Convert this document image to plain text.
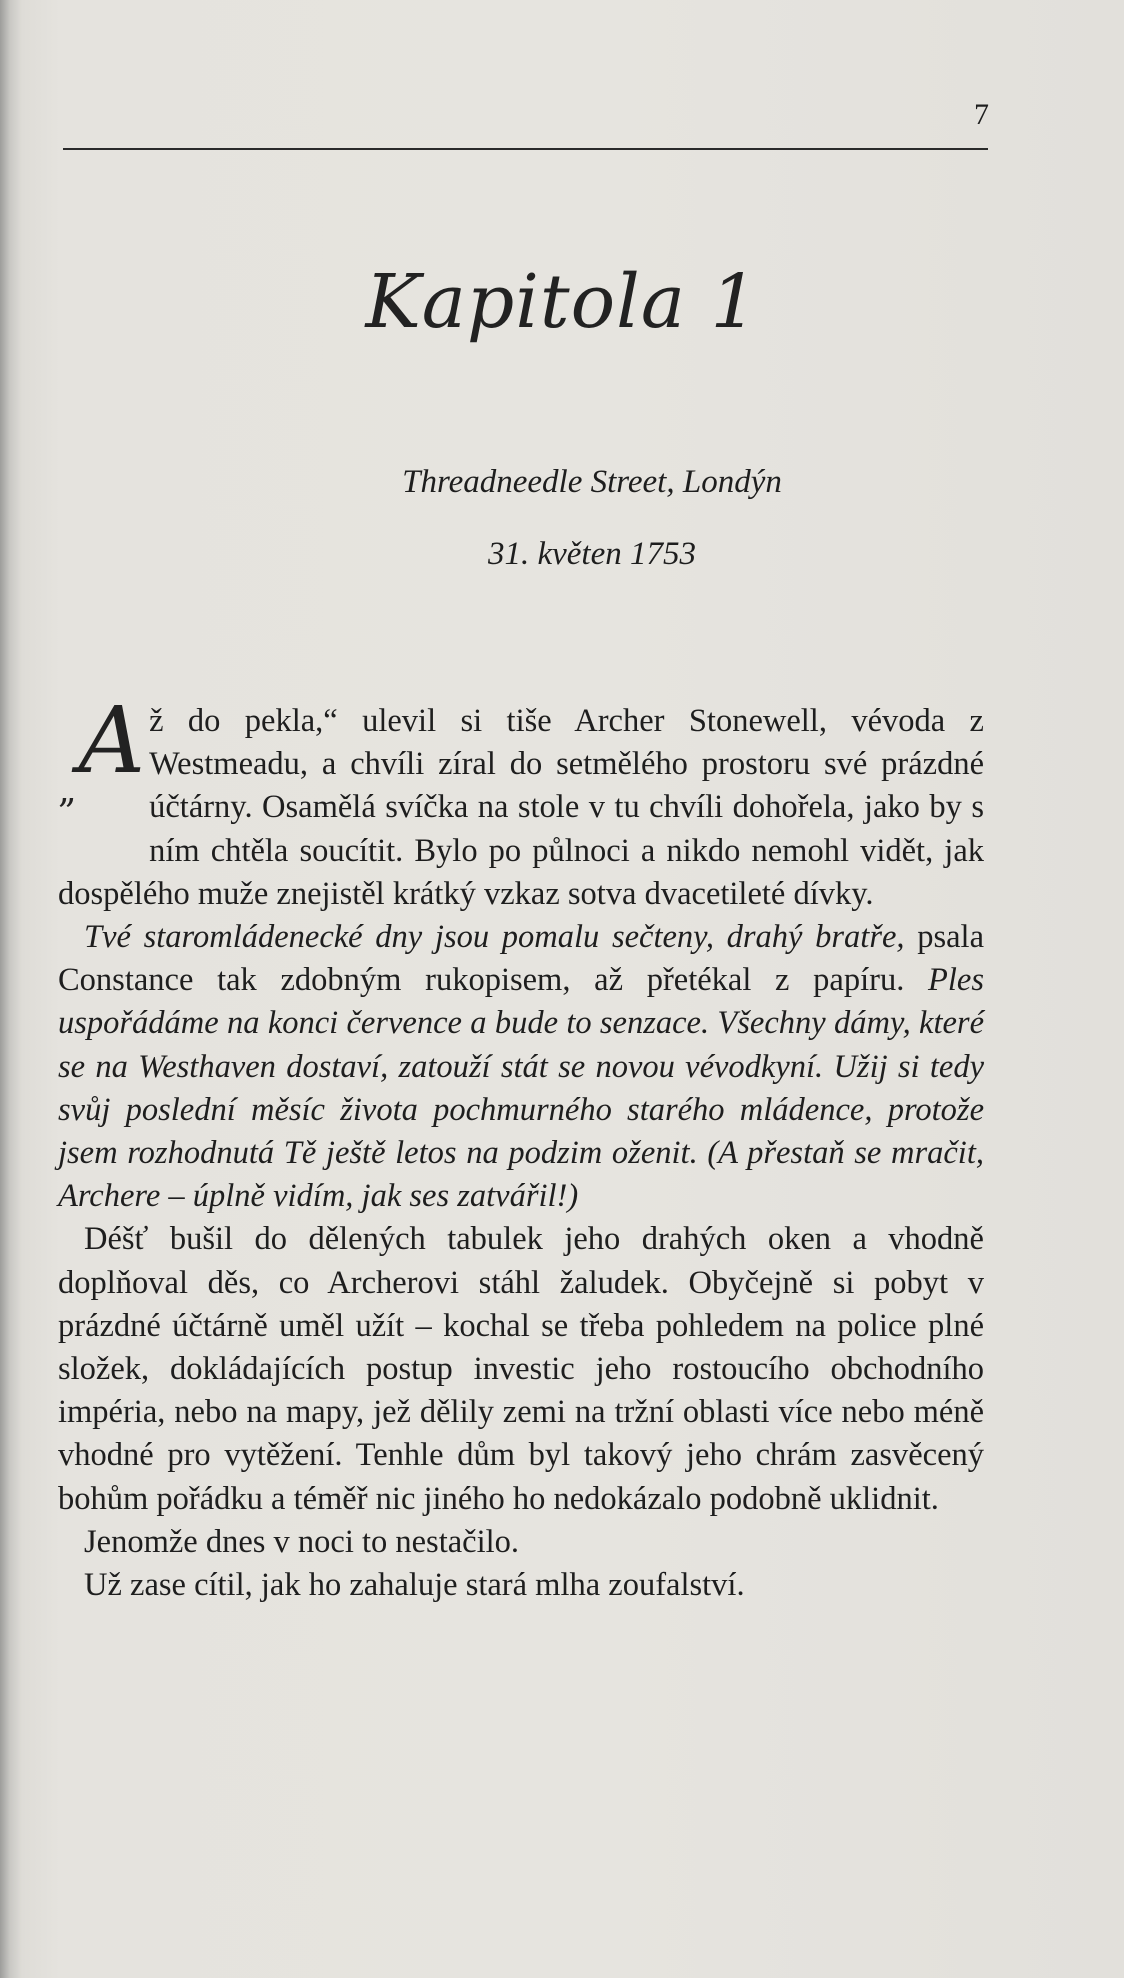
7
Kapitola 1
Threadneedle Street, Londýn
31. květen 1753

$_„$A ž do pekla,“ ulevil si tiše Archer Stonewell, vévoda z Westmeadu, a chvíli zíral do setmělého prostoru své prázdné účtárny. Osamělá svíčka na stole v tu chvíli dohořela, jako by s ním chtěla soucítit. Bylo po půlnoci a nikdo nemohl vidět, jak dospělého muže znejistěl krátký vzkaz sotva dvacetileté dívky.

Tvé staromládenecké dny jsou pomalu sečteny, drahý bratře, psala Constance tak zdobným rukopisem, až přetékal z papíru. Ples uspořádáme na konci července a bude to senzace. Všechny dámy, které se na Westhaven dostaví, zatouží stát se novou vévodkyní. Užij si tedy svůj poslední měsíc života pochmurného starého mládence, protože jsem rozhodnutá Tě ještě letos na podzim oženit. (A přestaň se mračit, Archere – úplně vidím, jak ses zatvářil!)

Déšť bušil do dělených tabulek jeho drahých oken a vhodně doplňoval děs, co Archerovi stáhl žaludek. Obyčejně si pobyt v prázdné účtárně uměl užít – kochal se třeba pohledem na police plné složek, dokládajících postup investic jeho rostoucího obchodního impéria, nebo na mapy, jež dělily zemi na tržní oblasti více nebo méně vhodné pro vytěžení. Tenhle dům byl takový jeho chrám zasvěcený bohům pořádku a téměř nic jiného ho nedokázalo podobně uklidnit.

Jenomže dnes v noci to nestačilo.

Už zase cítil, jak ho zahaluje stará mlha zoufalství.
